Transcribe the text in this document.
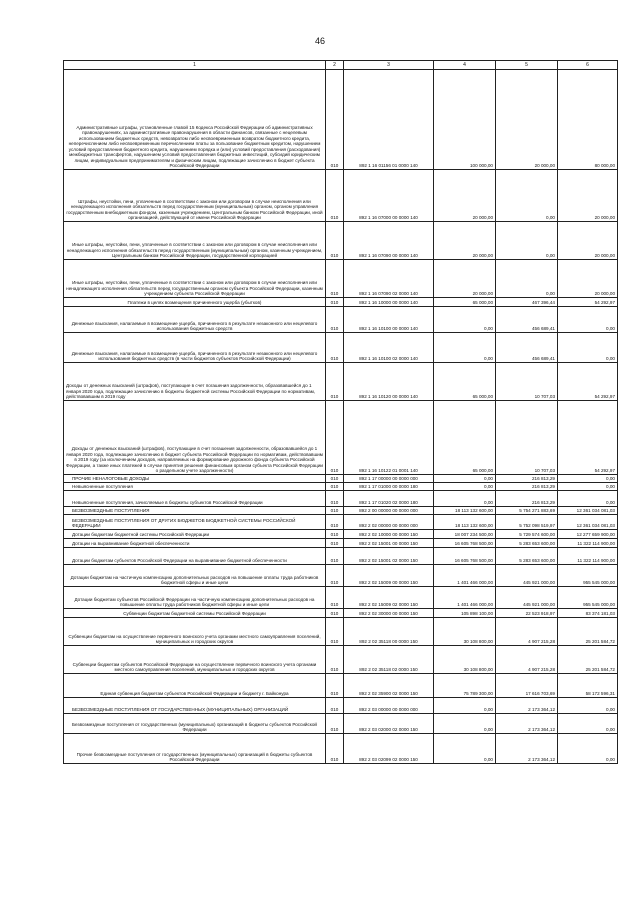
46
1	2	3	4	5	6
Административные штрафы, установленные главой 15 Кодекса Российской Федерации об административных правонарушениях, за административные правонарушения в области финансов, связанные с нецелевым использованием бюджетных средств, невозвратом либо несвоевременным возвратом бюджетного кредита, неперечислением либо несвоевременным перечислением платы за пользование бюджетным кредитом, нарушением условий предоставления бюджетного кредита, нарушением порядка и (или) условий предоставления (расходования) межбюджетных трансфертов, нарушением условий предоставления бюджетных инвестиций, субсидий юридическим лицам, индивидуальным предпринимателям и физическим лицам, подлежащие зачислению в бюджет субъекта Российской Федерации	010	892 1 16 01156 01 0000 140	100 000,00	20 000,00	80 000,00
Штрафы, неустойки, пени, уплаченные в соответствии с законом или договором в случае неисполнения или ненадлежащего исполнения обязательств перед государственным (муниципальным) органом, органом управления государственным внебюджетным фондом, казенным учреждением, Центральным банком Российской Федерации, иной организацией, действующей от имени Российской Федерации	010	892 1 16 07000 00 0000 140	20 000,00	0,00	20 000,00
Иные штрафы, неустойки, пени, уплаченные в соответствии с законом или договором в случае неисполнения или ненадлежащего исполнения обязательств перед государственным (муниципальным) органом, казенным учреждением, Центральным банком Российской Федерации, государственной корпорацией	010	892 1 16 07090 00 0000 140	20 000,00	0,00	20 000,00
Иные штрафы, неустойки, пени, уплаченные в соответствии с законом или договором в случае неисполнения или ненадлежащего исполнения обязательств перед государственным органом субъекта Российской Федерации, казенным учреждением субъекта Российской Федерации	010	892 1 16 07090 02 0000 140	20 000,00	0,00	20 000,00
Платежи в целях возмещения причиненного ущерба (убытков)	010	892 1 16 10000 00 0000 140	65 000,00	467 396,44	54 292,97
Денежные взыскания, налагаемые в возмещение ущерба, причиненного в результате незаконного или нецелевого использования бюджетных средств	010	892 1 16 10100 00 0000 140	0,00	456 689,41	0,00
Денежные взыскания, налагаемые в возмещение ущерба, причиненного в результате незаконного или нецелевого использования бюджетных средств (в части бюджетов субъектов Российской Федерации)	010	892 1 16 10100 02 0000 140	0,00	456 689,41	0,00
Доходы от денежных взысканий (штрафов), поступающие в счет погашения задолженности, образовавшейся до 1 января 2020 года, подлежащие зачислению в бюджеты бюджетной системы Российской Федерации по нормативам, действовавшим в 2019 году	010	892 1 16 10120 00 0000 140	65 000,00	10 707,03	54 292,97
Доходы от денежных взысканий (штрафов), поступающие в счет погашения задолженности, образовавшейся до 1 января 2020 года, подлежащие зачислению в бюджет субъекта Российской Федерации по нормативам, действовавшим в 2019 году (за исключением доходов, направляемых на формирование дорожного фонда субъекта Российской Федерации, а также иных платежей в случае принятия решения финансовым органом субъекта Российской Федерации о раздельном учете задолженности)	010	892 1 16 10122 01 0001 140	65 000,00	10 707,03	54 292,97
ПРОЧИЕ НЕНАЛОГОВЫЕ ДОХОДЫ	010	892 1 17 00000 00 0000 000	0,00	216 813,29	0,00
Невыясненные поступления	010	892 1 17 01000 00 0000 180	0,00	216 813,29	0,00
Невыясненные поступления, зачисляемые в бюджеты субъектов Российской Федерации	010	892 1 17 01020 02 0000 180	0,00	216 813,29	0,00
БЕЗВОЗМЕЗДНЫЕ ПОСТУПЛЕНИЯ	010	892 2 00 00000 00 0000 000	18 113 132 600,00	5 754 271 883,69	12 361 034 081,03
БЕЗВОЗМЕЗДНЫЕ ПОСТУПЛЕНИЯ ОТ ДРУГИХ БЮДЖЕТОВ БЮДЖЕТНОЙ СИСТЕМЫ РОССИЙСКОЙ ФЕДЕРАЦИИ	010	892 2 02 00000 00 0000 000	18 113 132 600,00	5 752 098 519,97	12 361 034 081,03
Дотации бюджетам бюджетной системы Российской Федерации	010	892 2 02 10000 00 0000 150	18 007 234 500,00	5 729 574 600,00	12 277 659 900,00
Дотации на выравнивание бюджетной обеспеченности	010	892 2 02 15001 00 0000 150	16 605 768 500,00	5 283 653 600,00	11 322 114 900,00
Дотации бюджетам субъектов Российской Федерации на выравнивание бюджетной обеспеченности	010	892 2 02 15001 02 0000 150	16 605 768 500,00	5 283 653 600,00	11 322 114 900,00
Дотации бюджетам на частичную компенсацию дополнительных расходов на повышение оплаты труда работников бюджетной сферы и иные цели	010	892 2 02 15009 00 0000 150	1 401 466 000,00	445 921 000,00	955 545 000,00
Дотации бюджетам субъектов Российской Федерации на частичную компенсацию дополнительных расходов на повышение оплаты труда работников бюджетной сферы и иные цели	010	892 2 02 15009 02 0000 150	1 401 466 000,00	445 921 000,00	955 545 000,00
Субвенции бюджетам бюджетной системы Российской Федерации	010	892 2 02 30000 00 0000 150	105 898 100,00	22 523 918,97	83 374 181,03
Субвенции бюджетам на осуществление первичного воинского учета органами местного самоуправления поселений, муниципальных и городских округов	010	892 2 02 35118 00 0000 150	30 108 800,00	4 907 215,28	25 201 584,72
Субвенции бюджетам субъектов Российской Федерации на осуществление первичного воинского учета органами местного самоуправления поселений, муниципальных и городских округов	010	892 2 02 35118 02 0000 150	30 108 800,00	4 907 215,28	25 201 584,72
Единая субвенция бюджетам субъектов Российской Федерации и бюджету г. Байконура	010	892 2 02 35900 02 0000 150	75 789 300,00	17 616 703,69	58 172 596,31
БЕЗВОЗМЕЗДНЫЕ ПОСТУПЛЕНИЯ ОТ ГОСУДАРСТВЕННЫХ (МУНИЦИПАЛЬНЫХ) ОРГАНИЗАЦИЙ	010	892 2 03 00000 00 0000 000	0,00	2 173 364,12	0,00
Безвозмездные поступления от государственных (муниципальных) организаций в бюджеты субъектов Российской Федерации	010	892 2 03 02000 02 0000 150	0,00	2 173 364,12	0,00
Прочие безвозмездные поступления от государственных (муниципальных) организаций в бюджеты субъектов Российской Федерации	010	892 2 03 02099 02 0000 150	0,00	2 173 364,12	0,00
